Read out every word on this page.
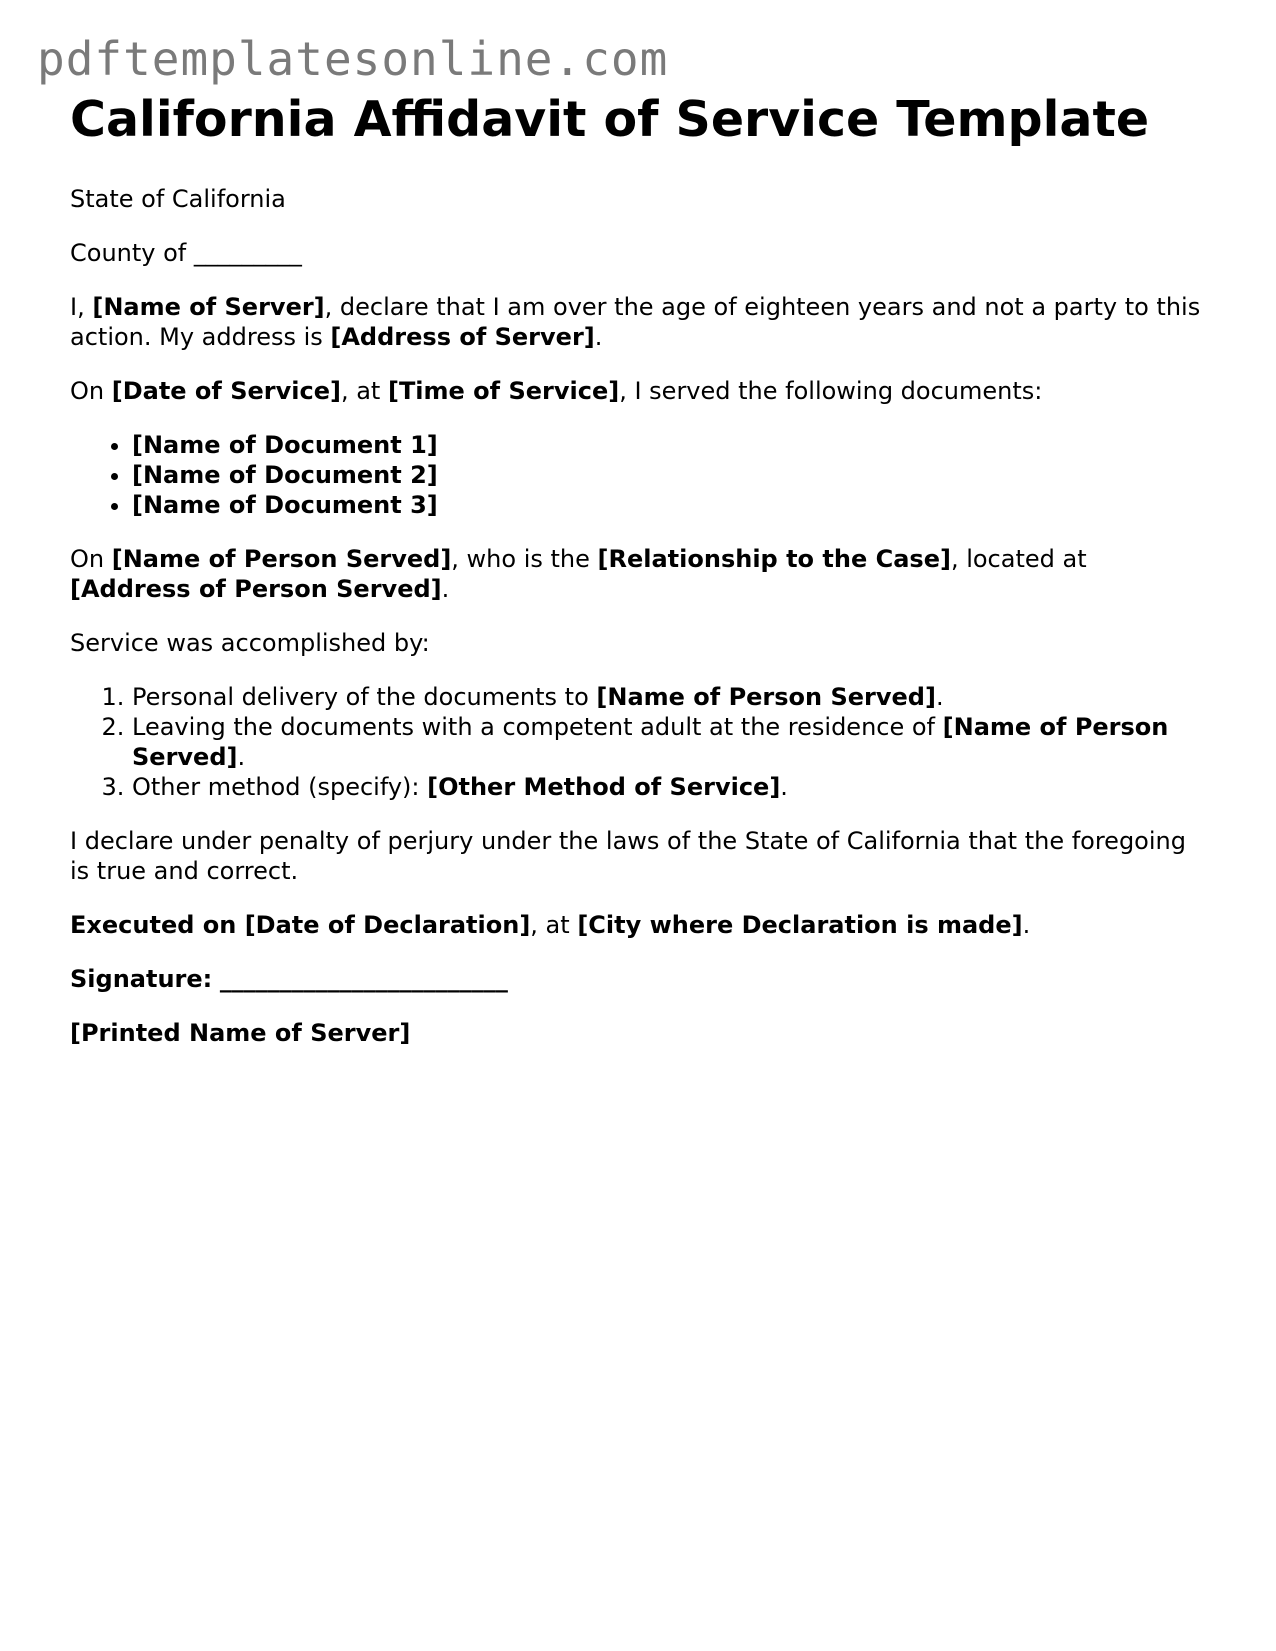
pdftemplatesonline.com
California Affidavit of Service Template

State of California

County of _________

I, [Name of Server], declare that I am over the age of eighteen years and not a party to this action. My address is [Address of Server].

On [Date of Service], at [Time of Service], I served the following documents:

• [Name of Document 1]
• [Name of Document 2]
• [Name of Document 3]

On [Name of Person Served], who is the [Relationship to the Case], located at
[Address of Person Served].

Service was accomplished by:

1. Personal delivery of the documents to [Name of Person Served].
2. Leaving the documents with a competent adult at the residence of [Name of Person Served].
3. Other method (specify): [Other Method of Service].

I declare under penalty of perjury under the laws of the State of California that the foregoing is true and correct.

Executed on [Date of Declaration], at [City where Declaration is made].

Signature: ________________________

[Printed Name of Server]
